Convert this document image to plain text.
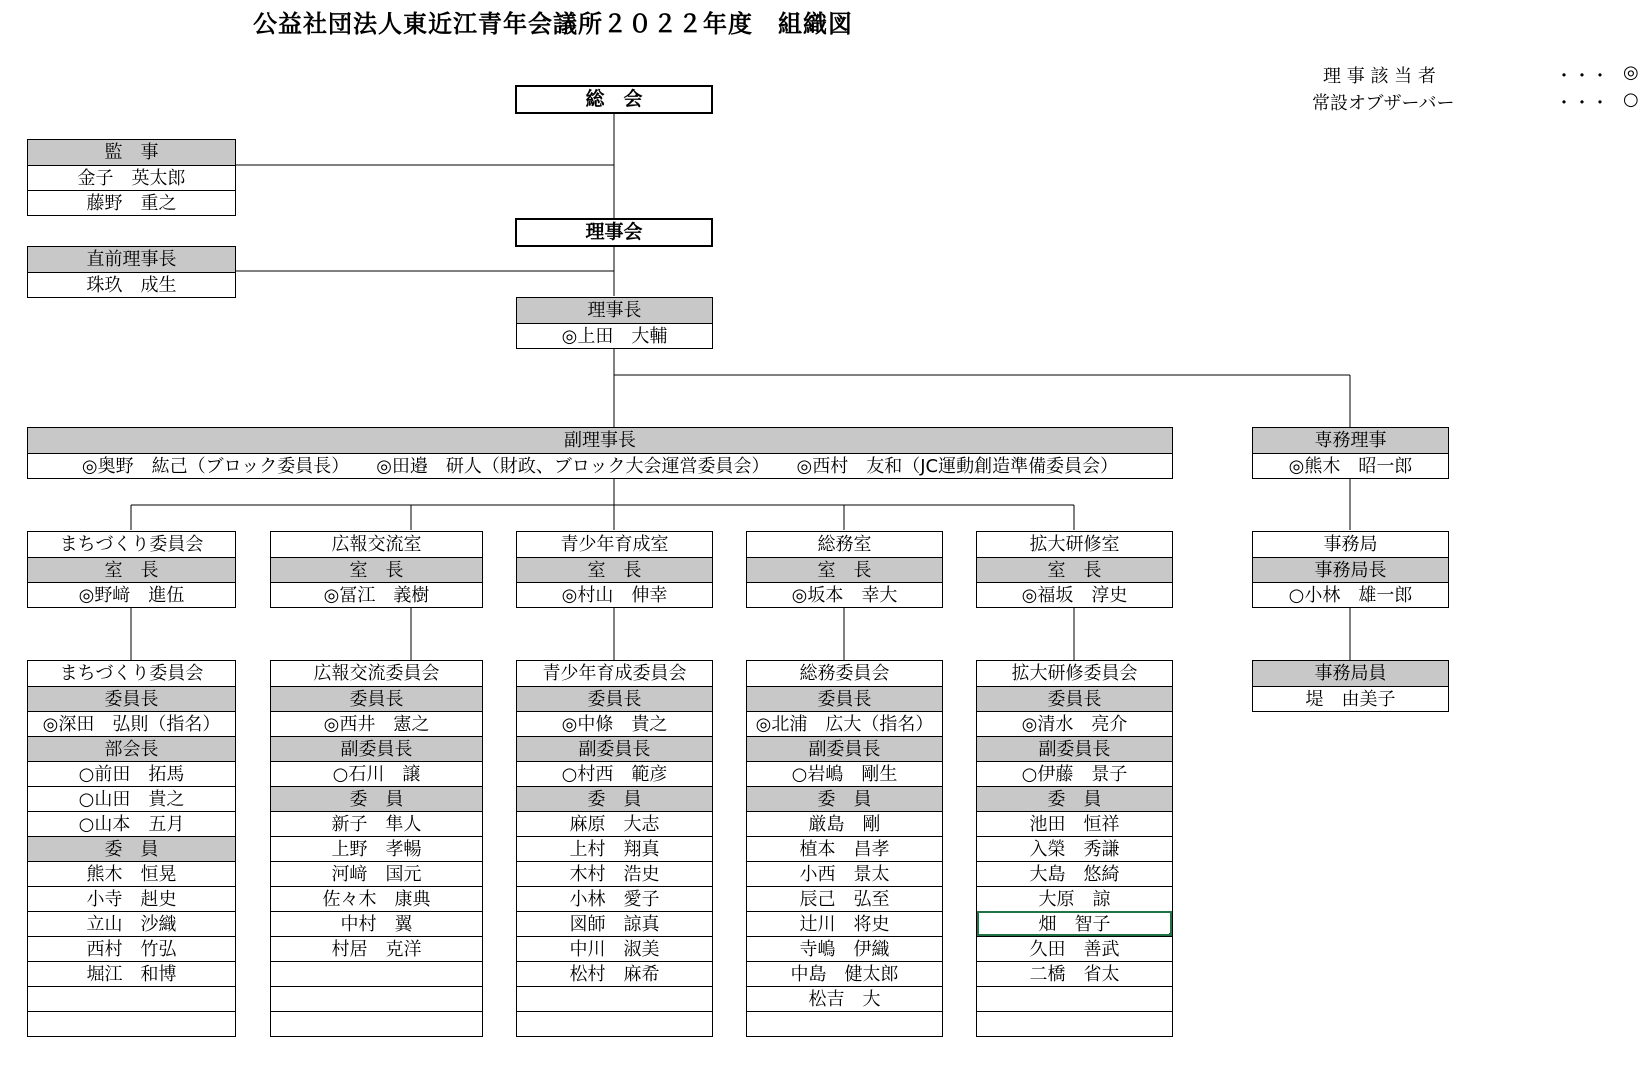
公益社団法人東近江青年会議所２０２２年度　組織図
理 事 該 当 者	・・・ ◎
常設オブザーバー	・・・ ○
総　会
監　事
金子　英太郎
藤野　重之
理事会
直前理事長
珠玖　成生
理事長
◎上田　大輔
副理事長
◎奥野　紘己（ブロック委員長）　　◎田邉　研人（財政、ブロック大会運営委員会）　　◎西村　友和（JC運動創造準備委員会）
専務理事
◎熊木　昭一郎
まちづくり委員会
室　長
◎野﨑　進伍
広報交流室
室　長
◎冨江　義樹
青少年育成室
室　長
◎村山　伸幸
総務室
室　長
◎坂本　幸大
拡大研修室
室　長
◎福坂　淳史
事務局
事務局長
○小林　雄一郎
まちづくり委員会
委員長
◎深田　弘則（指名）
部会長
○前田　拓馬
○山田　貴之
○山本　五月
委　員
熊木　恒晃
小寺　赳史
立山　沙織
西村　竹弘
堀江　和博
広報交流委員会
委員長
◎西井　憲之
副委員長
○石川　譲
委　員
新子　隼人
上野　孝暢
河﨑　国元
佐々木　康典
中村　翼
村居　克洋
青少年育成委員会
委員長
◎中條　貴之
副委員長
○村西　範彦
委　員
麻原　大志
上村　翔真
木村　浩史
小林　愛子
図師　諒真
中川　淑美
松村　麻希
総務委員会
委員長
◎北浦　広大（指名）
副委員長
○岩嶋　剛生
委　員
厳島　剛
植本　昌孝
小西　景太
辰己　弘至
辻川　将史
寺嶋　伊織
中島　健太郎
松吉　大
拡大研修委員会
委員長
◎清水　亮介
副委員長
○伊藤　景子
委　員
池田　恒祥
入榮　秀謙
大島　悠綺
大原　諒
畑　智子
久田　善武
二橋　省太
事務局員
堤　由美子
